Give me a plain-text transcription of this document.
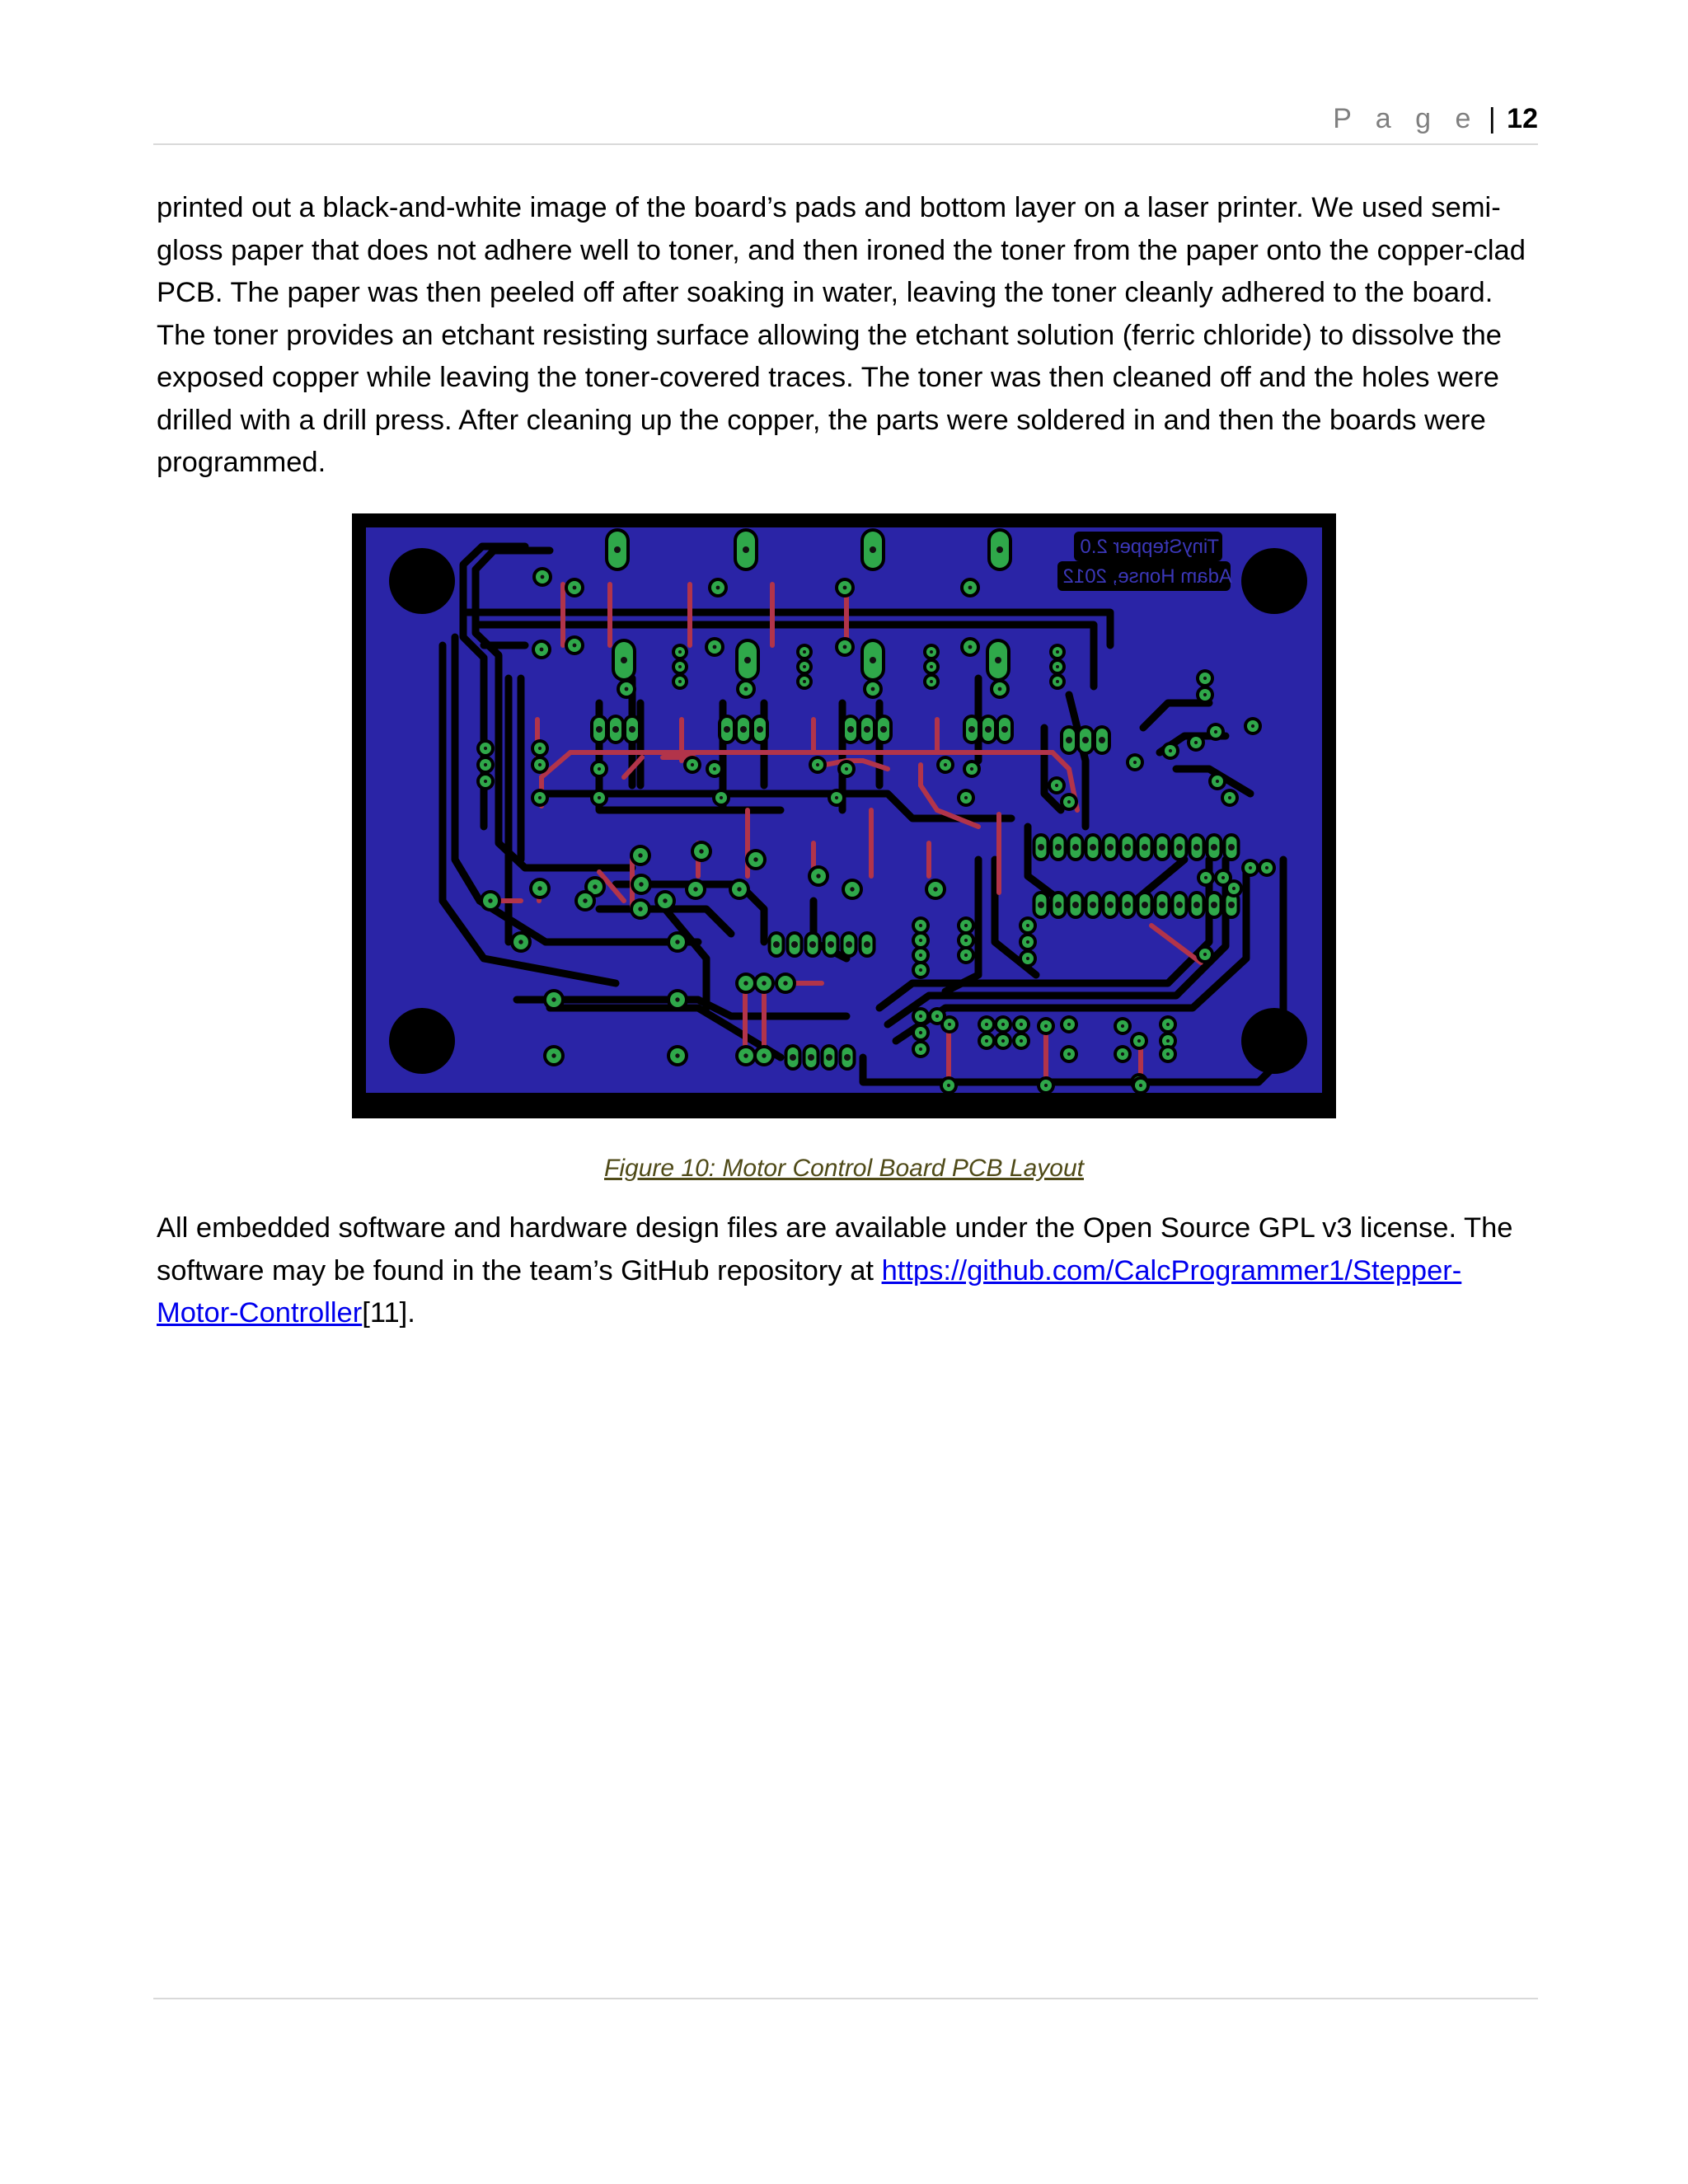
P a g e | 12

printed out a black-and-white image of the board’s pads and bottom layer on a laser printer. We used semi-
gloss paper that does not adhere well to toner, and then ironed the toner from the paper onto the copper-clad
PCB. The paper was then peeled off after soaking in water, leaving the toner cleanly adhered to the board.
The toner provides an etchant resisting surface allowing the etchant solution (ferric chloride) to dissolve the
exposed copper while leaving the toner-covered traces. The toner was then cleaned off and the holes were
drilled with a drill press. After cleaning up the copper, the parts were soldered in and then the boards were
programmed.

TinyStepper 2.0
Adam Honse, 2012
Figure 10: Motor Control Board PCB Layout

All embedded software and hardware design files are available under the Open Source GPL v3 license. The
software may be found in the team’s GitHub repository at https://github.com/CalcProgrammer1/Stepper-
Motor-Controller[11].
